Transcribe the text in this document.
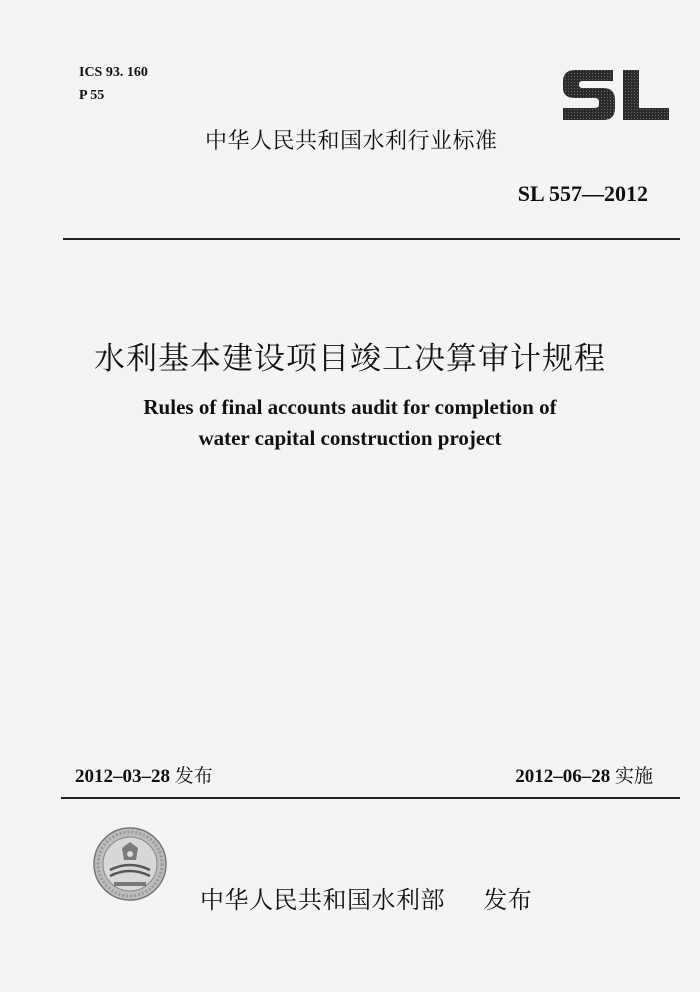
ICS 93. 160
P 55
中华人民共和国水利行业标准
SL 557—2012
水利基本建设项目竣工决算审计规程
Rules of final accounts audit for completion of
water capital construction project
2012–03–28 发布	2012–06–28 实施
中华人民共和国水利部 发布
